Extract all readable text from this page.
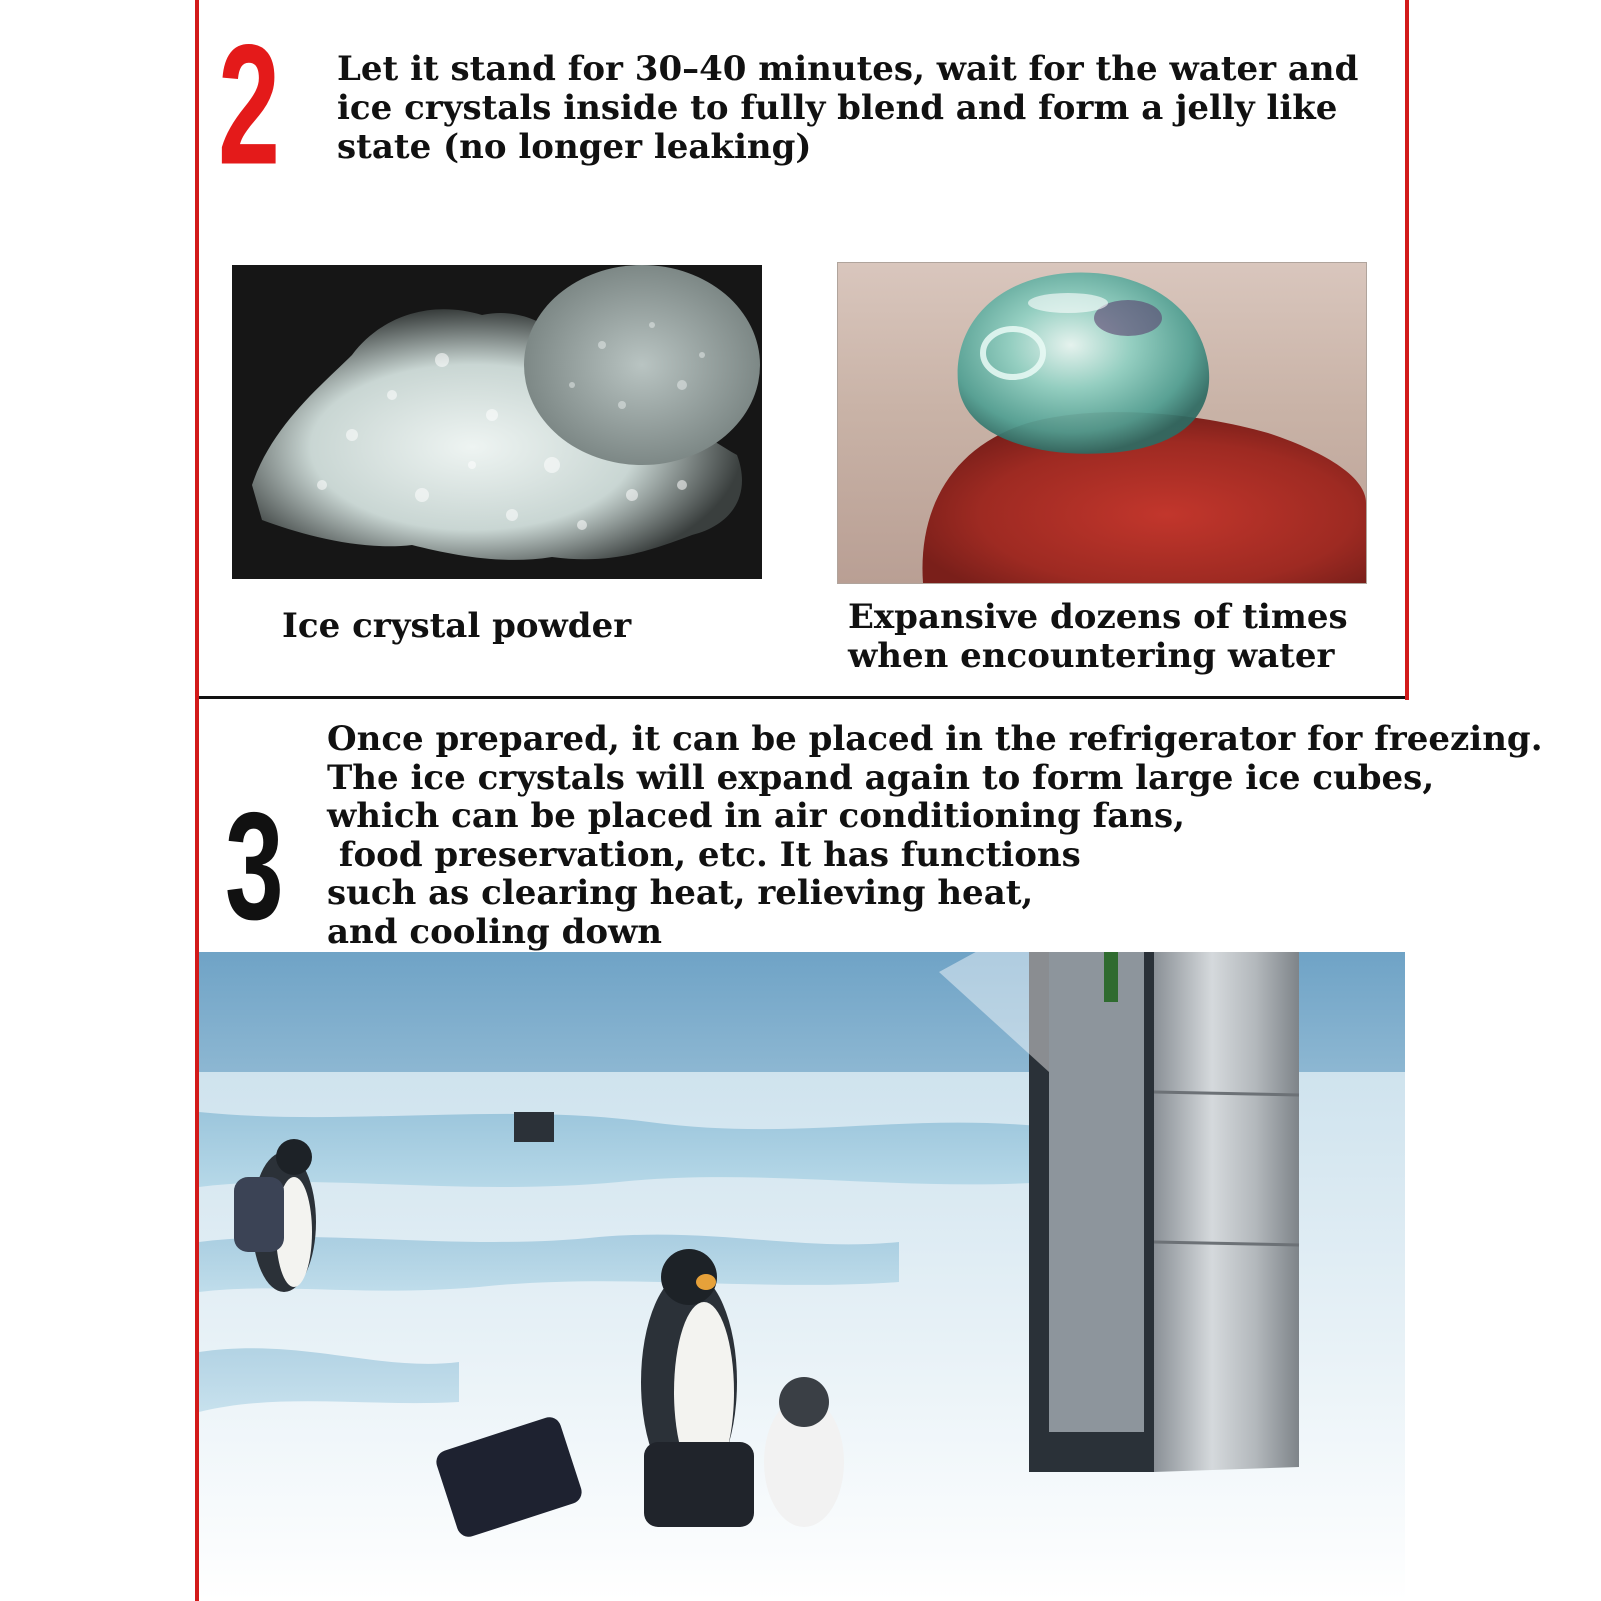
2 Let it stand for 30–40 minutes, wait for the water and ice crystals inside to fully blend and form a jelly like state (no longer leaking)
Ice crystal powder	Expansive dozens of times when encountering water
3
Once prepared, it can be placed in the refrigerator for freezing.
The ice crystals will expand again to form large ice cubes,
which can be placed in air conditioning fans,
food preservation, etc. It has functions
such as clearing heat, relieving heat,
and cooling down
